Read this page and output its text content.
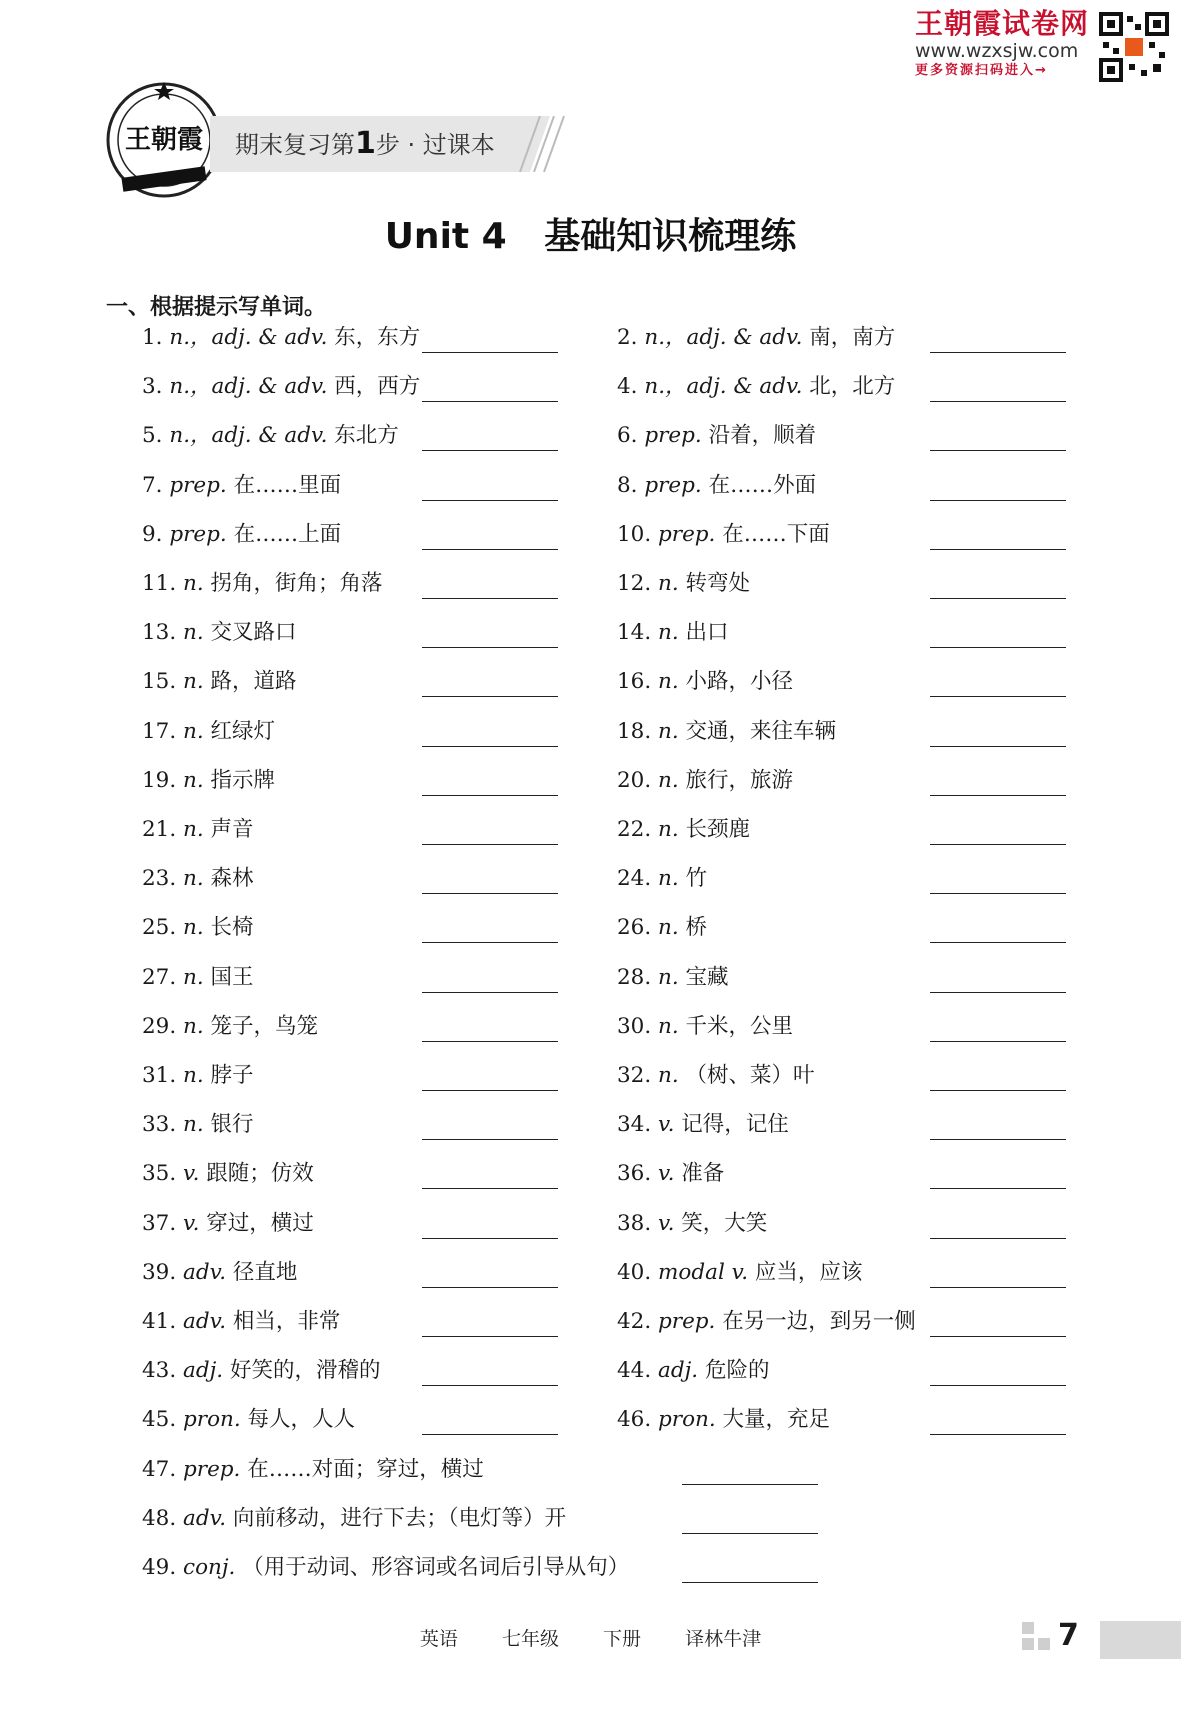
王朝霞试卷网
www.wzxsjw.com
更多资源扫码进入→
王朝霞 期末复习第1步 · 过课本
Unit 4   基础知识梳理练
一、根据提示写单词。
1. n.，adj. & adv. 东，东方	2. n.，adj. & adv. 南，南方
3. n.，adj. & adv. 西，西方	4. n.，adj. & adv. 北，北方
5. n.，adj. & adv. 东北方	6. prep. 沿着，顺着
7. prep. 在……里面	8. prep. 在……外面
9. prep. 在……上面	10. prep. 在……下面
11. n. 拐角，街角；角落	12. n. 转弯处
13. n. 交叉路口	14. n. 出口
15. n. 路，道路	16. n. 小路，小径
17. n. 红绿灯	18. n. 交通，来往车辆
19. n. 指示牌	20. n. 旅行，旅游
21. n. 声音	22. n. 长颈鹿
23. n. 森林	24. n. 竹
25. n. 长椅	26. n. 桥
27. n. 国王	28. n. 宝藏
29. n. 笼子，鸟笼	30. n. 千米，公里
31. n. 脖子	32. n. （树、菜）叶
33. n. 银行	34. v. 记得，记住
35. v. 跟随；仿效	36. v. 准备
37. v. 穿过，横过	38. v. 笑，大笑
39. adv. 径直地	40. modal v. 应当，应该
41. adv. 相当，非常	42. prep. 在另一边，到另一侧
43. adj. 好笑的，滑稽的	44. adj. 危险的
45. pron. 每人，人人	46. pron. 大量，充足
47. prep. 在……对面；穿过，横过
48. adv. 向前移动，进行下去；（电灯等）开
49. conj. （用于动词、形容词或名词后引导从句）
英语 七年级 下册 译林牛津	7
